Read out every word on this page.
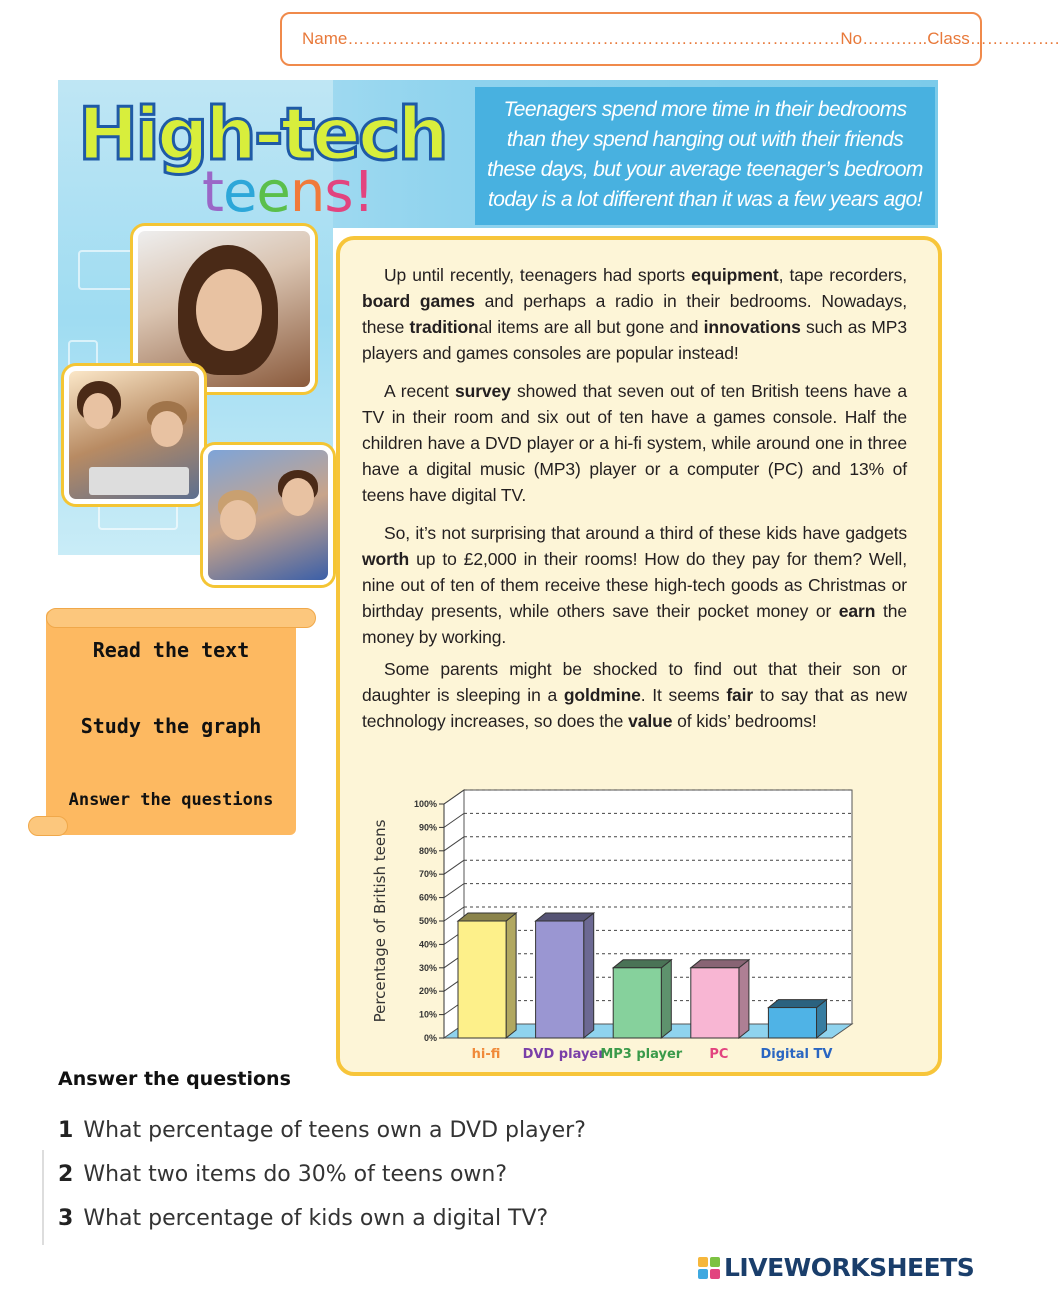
Name …………………………………………………………………………… No …….….. Class …………….
High-tech
teens!

Teenagers spend more time in their bedrooms than they spend hanging out with their friends these days, but your average teenager’s bedroom today is a lot different than it was a few years ago!

Read the text
Study the graph
Answer the questions

Up until recently, teenagers had sports equipment, tape recorders, board games and perhaps a radio in their bedrooms. Nowadays, these traditional items are all but gone and innovations such as MP3 players and games consoles are popular instead!

A recent survey showed that seven out of ten British teens have a TV in their room and six out of ten have a games console. Half the children have a DVD player or a hi-fi system, while around one in three have a digital music (MP3) player or a computer (PC) and 13% of teens have digital TV.

So, it’s not surprising that around a third of these kids have gadgets worth up to £2,000 in their rooms! How do they pay for them? Well, nine out of ten of them receive these high-tech goods as Christmas or birthday presents, while others save their pocket money or earn the money by working.

Some parents might be shocked to find out that their son or daughter is sleeping in a goldmine. It seems fair to say that as new technology increases, so does the value of kids’ bedrooms!

0%
10%
20%
30%
40%
50%
60%
70%
80%
90%
100%
Percentage of British teens
hi-fi DVD player
MP3 player PC Digital TV
Answer the questions
1 What percentage of teens own a DVD player?
2 What two items do 30% of teens own?
3 What percentage of kids own a digital TV?
LIVEWORKSHEETS
